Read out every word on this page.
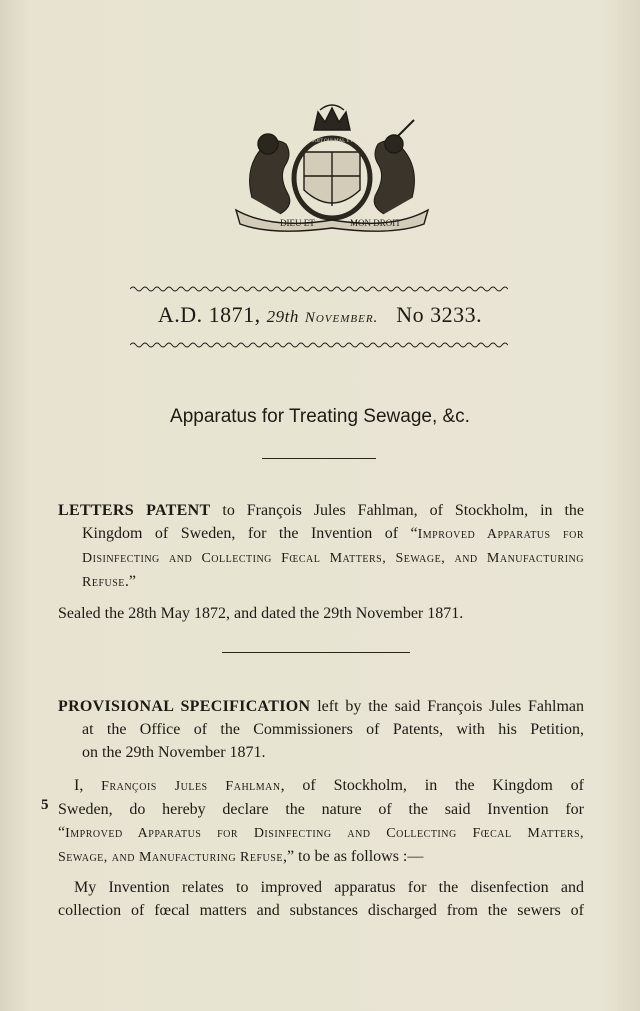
DIEU ET	MON DROIT
HONI SOIT QUI MAL Y PENSE
A.D. 1871, 29th November. No 3233.
Apparatus for Treating Sewage, &c.
LETTERS PATENT to François Jules Fahlman, of Stockholm, in the
Kingdom of Sweden, for the Invention of “Improved Apparatus for
Disinfecting and Collecting Fœcal Matters, Sewage, and Manufacturing
Refuse.”
Sealed the 28th May 1872, and dated the 29th November 1871.
PROVISIONAL SPECIFICATION left by the said François Jules Fahlman
at the Office of the Commissioners of Patents, with his Petition,
on the 29th November 1871.
5
I, François Jules Fahlman, of Stockholm, in the Kingdom of
Sweden, do hereby declare the nature of the said Invention for
“Improved Apparatus for Disinfecting and Collecting Fœcal Matters,
Sewage, and Manufacturing Refuse,” to be as follows :—
My Invention relates to improved apparatus for the disenfection and
collection of fœcal matters and substances discharged from the sewers of
